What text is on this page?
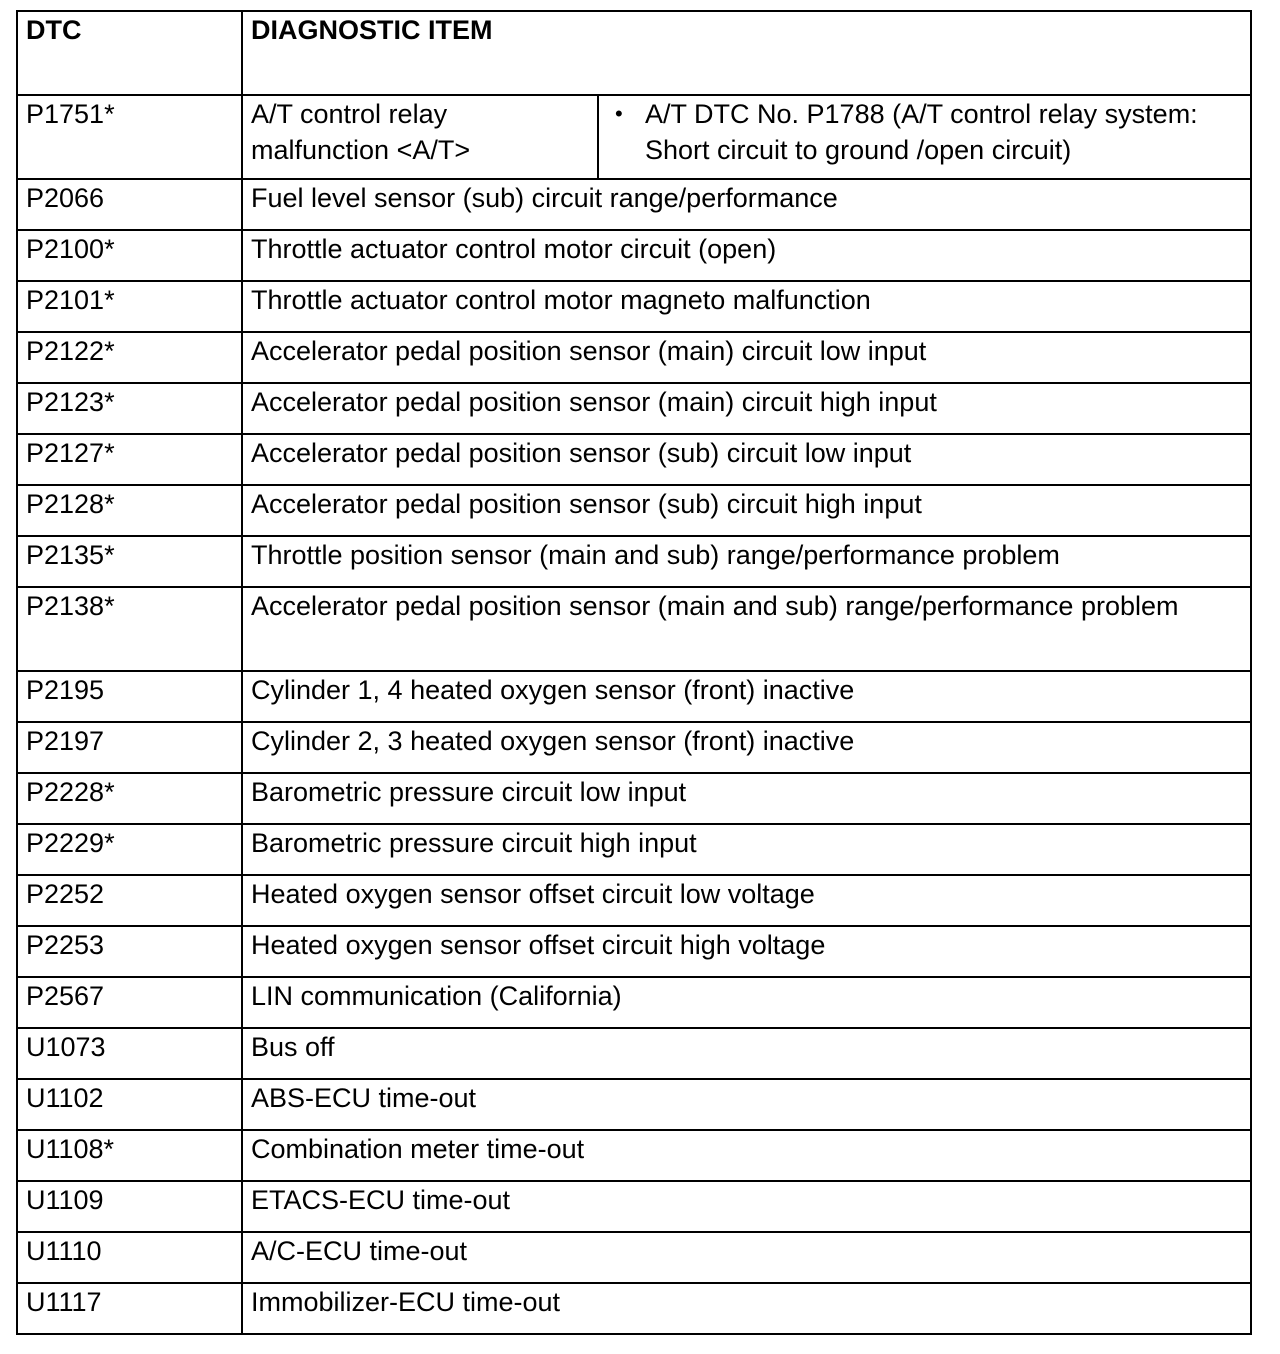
DTC	DIAGNOSTIC ITEM	
P1751*	A/T control relay malfunction <A/T>	• A/T DTC No. P1788 (A/T control relay system: Short circuit to ground /open circuit)

P2066	Fuel level sensor (sub) circuit range/performance	
P2100*	Throttle actuator control motor circuit (open)	
P2101*	Throttle actuator control motor magneto malfunction	
P2122*	Accelerator pedal position sensor (main) circuit low input	
P2123*	Accelerator pedal position sensor (main) circuit high input	
P2127*	Accelerator pedal position sensor (sub) circuit low input	
P2128*	Accelerator pedal position sensor (sub) circuit high input	
P2135*	Throttle position sensor (main and sub) range/performance problem	
P2138*	Accelerator pedal position sensor (main and sub) range/performance problem	
P2195	Cylinder 1, 4 heated oxygen sensor (front) inactive	
P2197	Cylinder 2, 3 heated oxygen sensor (front) inactive	
P2228*	Barometric pressure circuit low input	
P2229*	Barometric pressure circuit high input	
P2252	Heated oxygen sensor offset circuit low voltage	
P2253	Heated oxygen sensor offset circuit high voltage	
P2567	LIN communication (California)	
U1073	Bus off	
U1102	ABS-ECU time-out	
U1108*	Combination meter time-out	
U1109	ETACS-ECU time-out	
U1110	A/C-ECU time-out	
U1117	Immobilizer-ECU time-out	
